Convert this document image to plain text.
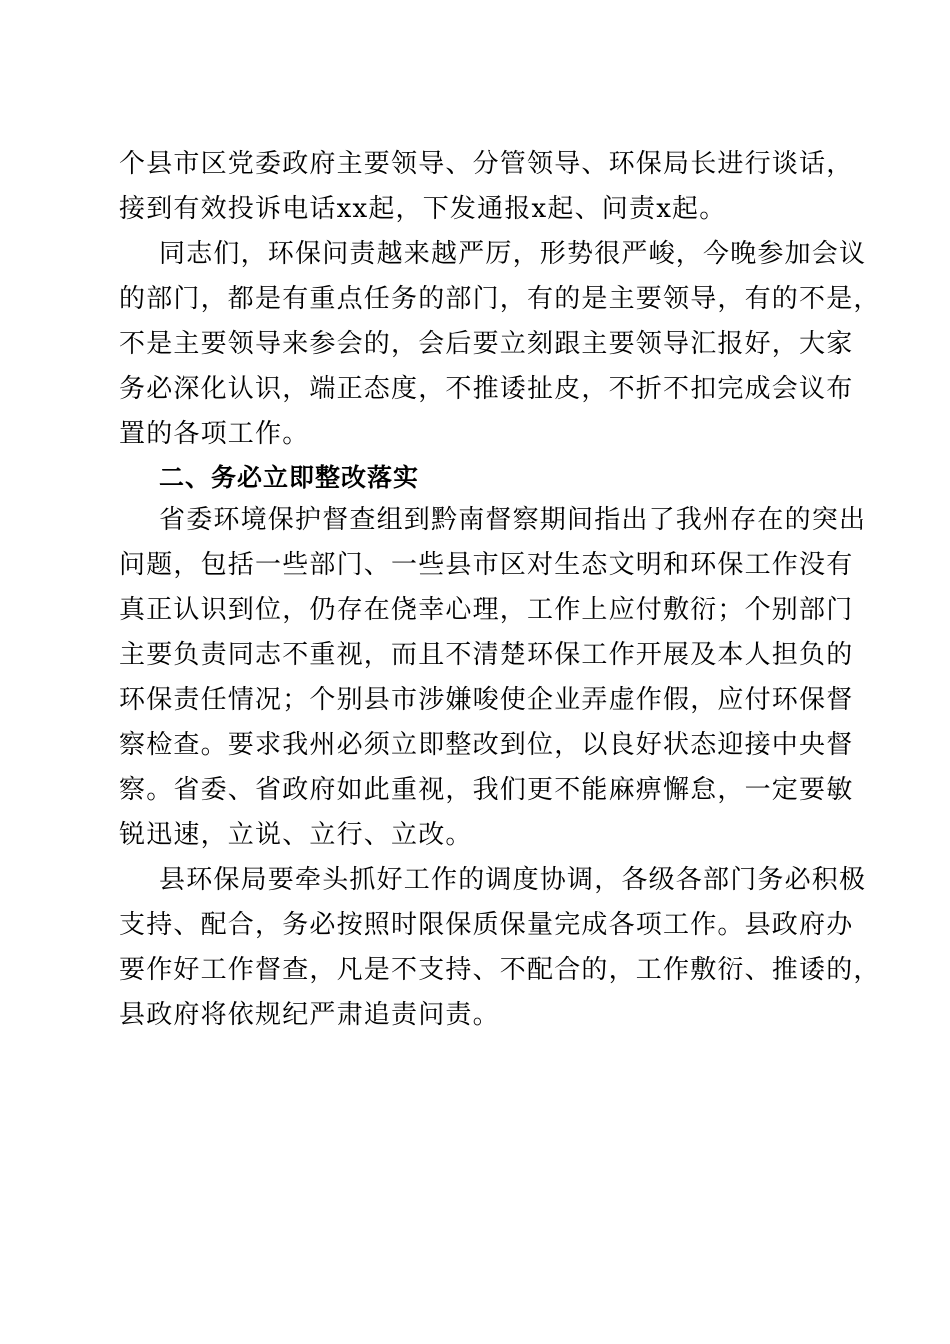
个县市区党委政府主要领导、分管领导、环保局长进行谈话，
接到有效投诉电话xx起，下发通报x起、问责x起。
同志们，环保问责越来越严厉，形势很严峻，今晚参加会议
的部门，都是有重点任务的部门，有的是主要领导，有的不是，
不是主要领导来参会的，会后要立刻跟主要领导汇报好，大家
务必深化认识，端正态度，不推诿扯皮，不折不扣完成会议布
置的各项工作。
二、务必立即整改落实
省委环境保护督查组到黔南督察期间指出了我州存在的突出
问题，包括一些部门、一些县市区对生态文明和环保工作没有
真正认识到位，仍存在侥幸心理，工作上应付敷衍；个别部门
主要负责同志不重视，而且不清楚环保工作开展及本人担负的
环保责任情况；个别县市涉嫌唆使企业弄虚作假，应付环保督
察检查。要求我州必须立即整改到位，以良好状态迎接中央督
察。省委、省政府如此重视，我们更不能麻痹懈怠，一定要敏
锐迅速，立说、立行、立改。
县环保局要牵头抓好工作的调度协调，各级各部门务必积极
支持、配合，务必按照时限保质保量完成各项工作。县政府办
要作好工作督查，凡是不支持、不配合的，工作敷衍、推诿的，
县政府将依规纪严肃追责问责。
